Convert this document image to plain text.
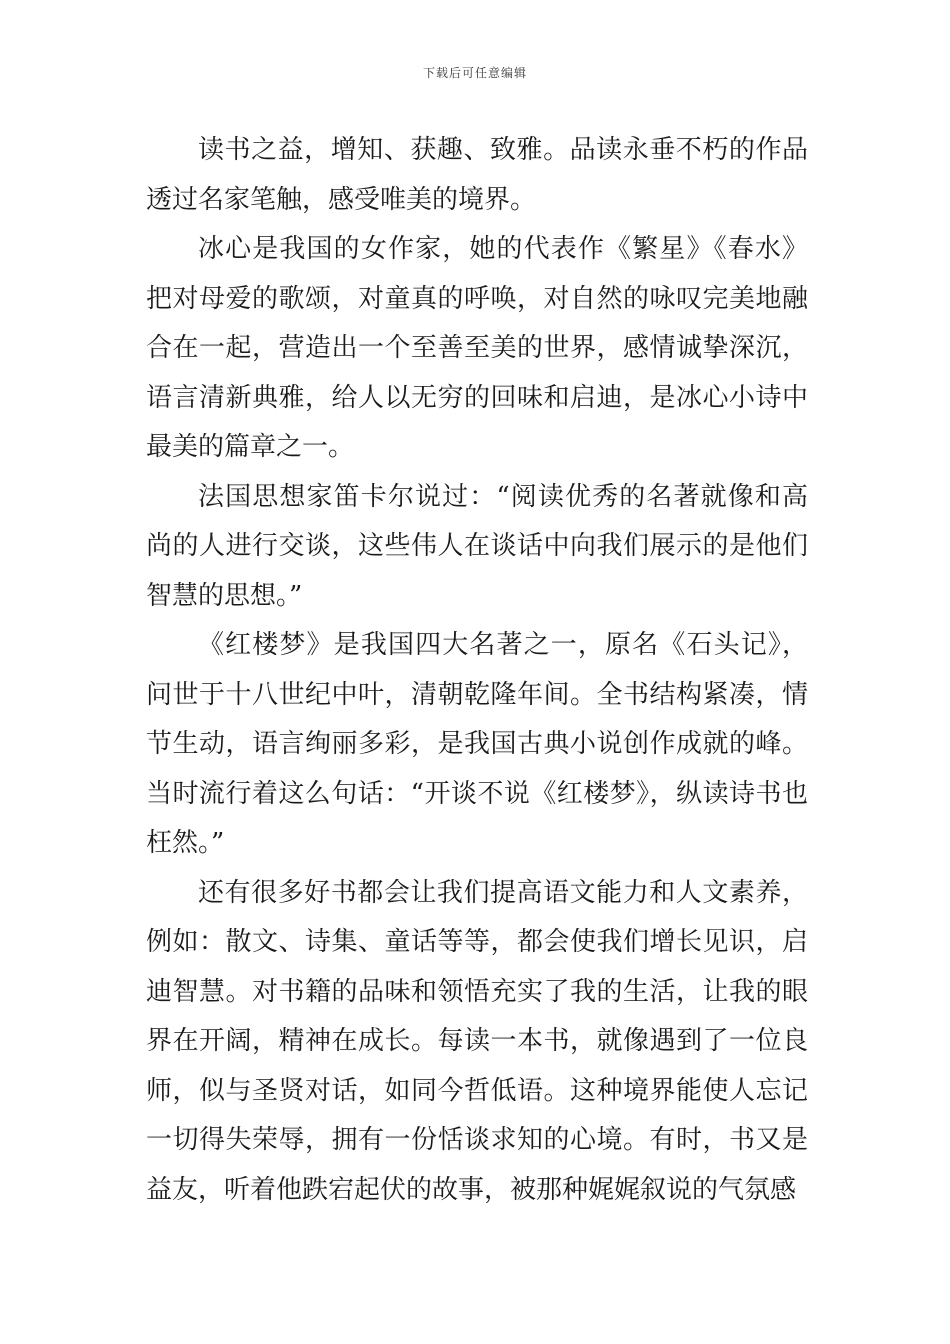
下载后可任意编辑

读书之益，增知、获趣、致雅。品读永垂不朽的作品透过名家笔触，感受唯美的境界。

冰心是我国的女作家，她的代表作《繁星》《春水》把对母爱的歌颂，对童真的呼唤，对自然的咏叹完美地融合在一起，营造出一个至善至美的世界，感情诚挚深沉，语言清新典雅，给人以无穷的回味和启迪，是冰心小诗中最美的篇章之一。

法国思想家笛卡尔说过：“阅读优秀的名著就像和高尚的人进行交谈，这些伟人在谈话中向我们展示的是他们智慧的思想。”

《红楼梦》是我国四大名著之一，原名《石头记》，问世于十八世纪中叶，清朝乾隆年间。全书结构紧凑，情节生动，语言绚丽多彩，是我国古典小说创作成就的峰。当时流行着这么句话：“开谈不说《红楼梦》，纵读诗书也枉然。”

还有很多好书都会让我们提高语文能力和人文素养，例如：散文、诗集、童话等等，都会使我们增长见识，启迪智慧。对书籍的品味和领悟充实了我的生活，让我的眼界在开阔，精神在成长。每读一本书，就像遇到了一位良师，似与圣贤对话，如同今哲低语。这种境界能使人忘记一切得失荣辱，拥有一份恬谈求知的心境。有时，书又是益友，听着他跌宕起伏的故事，被那种娓娓叙说的气氛感
